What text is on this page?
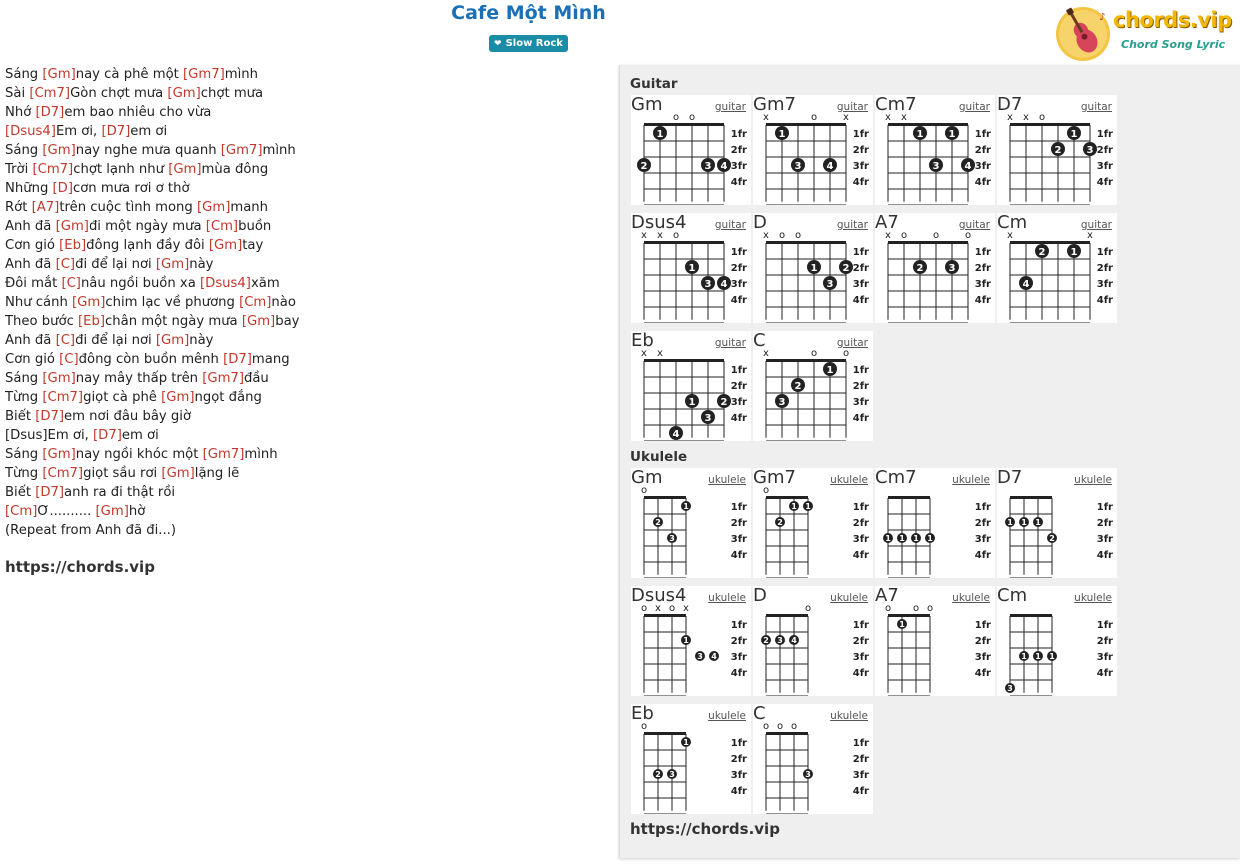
Cafe Một Mình
❤ Slow Rock
♪ chords.vip
Chord Song Lyric
Sáng [Gm]nay cà phê một [Gm7]mình
Sài [Cm7]Gòn chợt mưa [Gm]chợt mưa
Nhớ [D7]em bao nhiêu cho vừa
[Dsus4]Em ơi, [D7]em ơi
Sáng [Gm]nay nghe mưa quanh [Gm7]mình
Trời [Cm7]chợt lạnh như [Gm]mùa đông
Những [D]cơn mưa rơi ơ thờ
Rớt [A7]trên cuộc tình mong [Gm]manh
Anh đã [Gm]đi một ngày mưa [Cm]buồn
Cơn gió [Eb]đông lạnh đầy đôi [Gm]tay
Anh đã [C]đi để lại nơi [Gm]này
Đôi mắt [C]nâu ngồi buồn xa [Dsus4]xăm
Như cánh [Gm]chim lạc về phương [Cm]nào
Theo bước [Eb]chân một ngày mưa [Gm]bay
Anh đã [C]đi để lại nơi [Gm]này
Cơn gió [C]đông còn buồn mênh [D7]mang
Sáng [Gm]nay mây thấp trên [Gm7]đầu
Từng [Cm7]giọt cà phê [Gm]ngọt đắng
Biết [D7]em nơi đâu bây giờ
[Dsus]Em ơi, [D7]em ơi
Sáng [Gm]nay ngồi khóc một [Gm7]mình
Từng [Cm7]giọt sầu rơi [Gm]lặng lẽ
Biết [D7]anh ra đi thật rồi
[Cm]Ơ.......... [Gm]hờ
(Repeat from Anh đã đi...)
https://chords.vip
Guitar
Gm	guitar
o o
1fr
2fr
3fr
4fr
1
2	3 4
Gm7	guitar
x	o	x
1fr
2fr
3fr
4fr
1
3	4
Cm7	guitar
x x
1fr
2fr
3fr
4fr
1	1
3	4
D7	guitar
x x o
1fr
2fr
3fr
4fr
1
2	3
Dsus4	guitar
x x o
1fr
2fr
3fr
4fr
1
3 4
D	guitar
x o o
1fr
2fr
3fr
4fr
1	2
3
A7	guitar
x o	o	o
1fr
2fr
3fr
4fr
2	3
Cm	guitar
x	x
1fr
2fr
3fr
4fr
2	1
4
Eb	guitar
x x
1fr
2fr
3fr
4fr
1	2
3
4
C	guitar
x	o	o
1fr
2fr
3fr
4fr
1
2
3
Ukulele
Gm	ukulele
o
1fr
2fr
3fr
4fr
1
2
3
Gm7	ukulele
o
1fr
2fr
3fr
4fr
1 1
2
Cm7	ukulele
1fr
2fr
3fr
4fr
1 1 1 1
D7	ukulele
1fr
2fr
3fr
4fr
1 1 1
2
Dsus4 ukulele
o x o x
1fr
2fr
3fr
4fr
1
3 4
D	ukulele
o
1fr
2fr
3fr
4fr
2 3 4
A7	ukulele
o o o
1fr
2fr
3fr
4fr
1
Cm	ukulele
1fr
2fr
3fr
4fr
1 1 1
3
Eb	ukulele
o
1fr
2fr
3fr
4fr
1
2 3
C	ukulele
o o o
1fr
2fr
3fr
4fr
3
https://chords.vip
